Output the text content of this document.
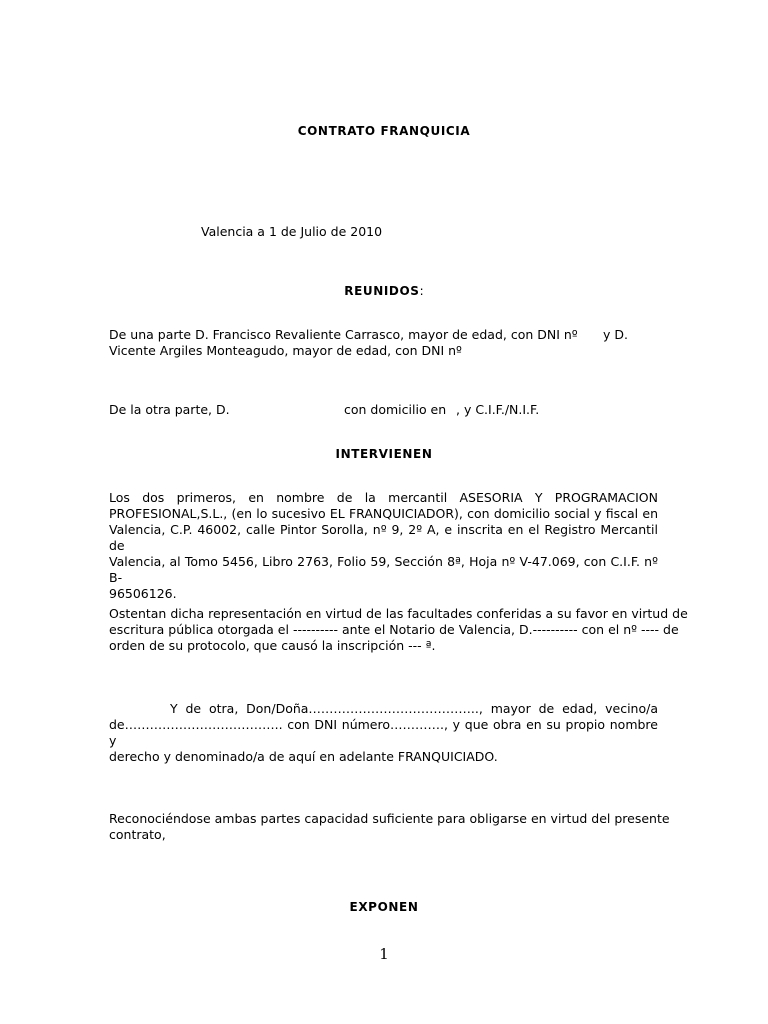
CONTRATO FRANQUICIA
Valencia a 1 de Julio de 2010
REUNIDOS:
De una parte D. Francisco Revaliente Carrasco, mayor de edad, con DNI nº y D.
Vicente Argiles Monteagudo, mayor de edad, con DNI nº
De la otra parte, D.	con domicilio en , y C.I.F./N.I.F.
INTERVIENEN
Los dos primeros, en nombre de la mercantil ASESORIA Y PROGRAMACION
PROFESIONAL,S.L., (en lo sucesivo EL FRANQUICIADOR), con domicilio social y fiscal en
Valencia, C.P. 46002, calle Pintor Sorolla, nº 9, 2º A, e inscrita en el Registro Mercantil de
Valencia, al Tomo 5456, Libro 2763, Folio 59, Sección 8ª, Hoja nº V-47.069, con C.I.F. nº B-
96506126.
Ostentan dicha representación en virtud de las facultades conferidas a su favor en virtud de
escritura pública otorgada el ---------- ante el Notario de Valencia, D.---------- con el nº ---- de
orden de su protocolo, que causó la inscripción --- ª.
Y de otra, Don/Doña………………………………….., mayor de edad, vecino/a
de……………………………….. con DNI número…………., y que obra en su propio nombre y
derecho y denominado/a de aquí en adelante FRANQUICIADO.
Reconociéndose ambas partes capacidad suficiente para obligarse en virtud del presente
contrato,
EXPONEN
1
